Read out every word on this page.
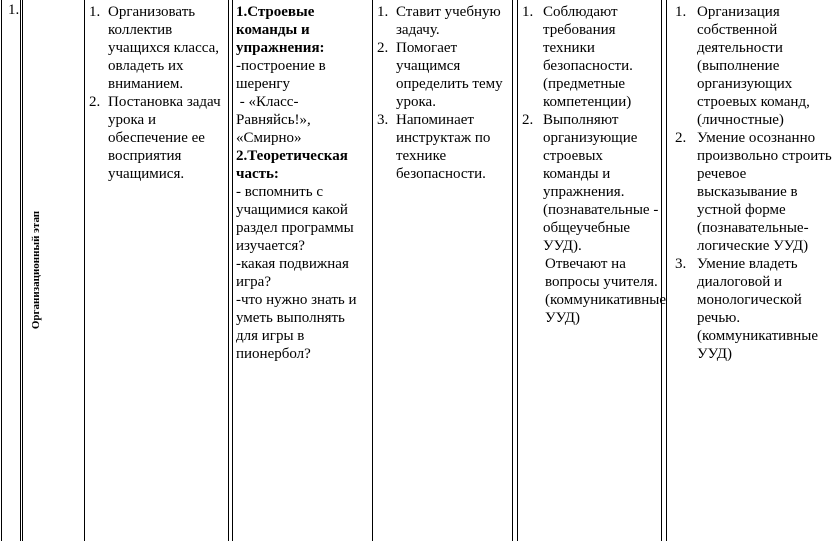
1.
Организационный этап
1. Организовать коллектив учащихся класса, овладеть их вниманием.
2. Постановка задач урока и обеспечение ее восприятия учащимися.
1.Строевые команды и упражнения:
-построение в шеренгу
- «Класс-Равняйсь!», «Смирно»
2.Теоретическая часть:
- вспомнить с учащимися какой раздел программы изучается?
-какая подвижная игра?
-что нужно знать и уметь выполнять для игры в пионербол?
1. Ставит учебную задачу.
2. Помогает учащимся определить тему урока.
3. Напоминает инструктаж по технике безопасности.
1. Соблюдают требования техники безопасности. (предметные компетенции)
2. Выполняют организующие строевых команды и упражнения. (познавательные - общеучебные УУД).
Отвечают на вопросы учителя. (коммуникативные УУД)
1. Организация собственной деятельности (выполнение организующих строевых команд, (личностные)
2. Умение осознанно произвольно строить речевое высказывание в устной форме (познавательные-логические УУД)
3. Умение владеть диалоговой и монологической речью. (коммуникативные УУД)
